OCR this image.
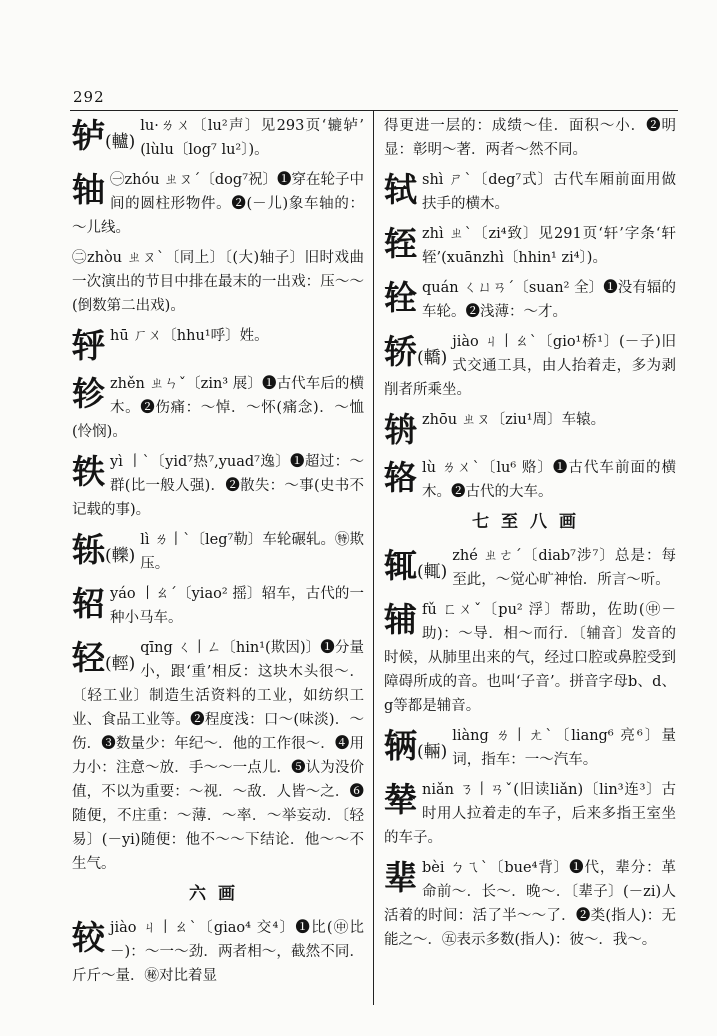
292
轳(轤)
lu·ㄌㄨ〔lu²声〕见293页‘辘轳’ (lùlu〔log⁷ lu²〕)。
轴 ㊀zhóu ㄓㄡˊ〔dog⁷祝〕❶穿在轮子中间的圆柱形物件。❷(－儿)象车轴的：～儿线。
㊁zhòu ㄓㄡˋ〔同上〕〔(大)轴子〕旧时戏曲一次演出的节目中排在最末的一出戏：压～～(倒数第二出戏)。
轷hū ㄏㄨ〔hhu¹呼〕姓。
轸zhěn ㄓㄣˇ〔zin³ 展〕❶古代车后的横木。❷伤痛：～悼．～怀(痛念)．～恤(怜悯)。
轶yì 丨ˋ〔yid⁷热⁷,yuad⁷逸〕❶超过：～群(比一般人强)．❷散失：～事(史书不记载的事)。
轹(轢)
lì ㄌ丨ˋ〔leg⁷勒〕车轮碾轧。㊕欺压。
轺yáo 丨ㄠˊ〔yiao² 摇〕轺车，古代的一种小马车。
轻(輕)
qīng ㄑ丨ㄥ〔hin¹(欺因)〕❶分量小，跟‘重’相反：这块木头很～．〔轻工业〕制造生活资料的工业，如纺织工业、食品工业等。❷程度浅：口～(味淡)．～伤．❸数量少：年纪～．他的工作很～．❹用力小：注意～放．手～～一点儿．❺认为没价值，不以为重要：～视．～敌．人皆～之．❻随便，不庄重：～薄．～率．～举妄动．〔轻易〕(－yi)随便：他不～～下结论．他～～不生气。
六画
较jiào ㄐ丨ㄠˋ〔giao⁴ 交⁴〕❶比(㊥比－)：～一～劲．两者相～，截然不同．斤斤～量．㊙对比着显
得更进一层的：成绩～佳．面积～小．❷明显：彰明～著．两者～然不同。
轼shì ㄕˋ〔deg⁷式〕古代车厢前面用做扶手的横木。
轾zhì ㄓˋ〔zi⁴致〕见291页‘轩’字条‘轩轾’(xuānzhì〔hhin¹ zi⁴〕)。
辁quán ㄑㄩㄢˊ〔suan² 全〕❶没有辐的车轮。❷浅薄：～才。
轿(轎)
jiào ㄐ丨ㄠˋ〔gio¹桥¹〕(－子)旧式交通工具，由人抬着走，多为剥削者所乘坐。
辀zhōu ㄓㄡ〔ziu¹周〕车辕。
辂lù ㄌㄨˋ〔lu⁶ 赂〕❶古代车前面的横木。❷古代的大车。
七至八画
辄(輒)
zhé ㄓㄜˊ〔diab⁷涉⁷〕总是：每至此，～觉心旷神怡．所言～听。
辅fǔ ㄈㄨˇ〔pu² 浮〕帮助，佐助(㊥－助)：～导．相～而行．〔辅音〕发音的时候，从肺里出来的气，经过口腔或鼻腔受到障碍所成的音。也叫‘子音’。拼音字母b、d、g等都是辅音。
辆(輛)
liàng ㄌ丨ㄤˋ〔liang⁶ 亮⁶〕量词，指车：一～汽车。
辇niǎn ㄋ丨ㄢˇ(旧读liǎn)〔lin³连³〕古时用人拉着走的车子，后来多指王室坐的车子。
辈bèi ㄅㄟˋ〔bue⁴背〕❶代，辈分：革命前～．长～．晚～．〔辈子〕(－zi)人活着的时间：活了半～～了．❷类(指人)：无能之～．㊄表示多数(指人)：彼～．我～。
